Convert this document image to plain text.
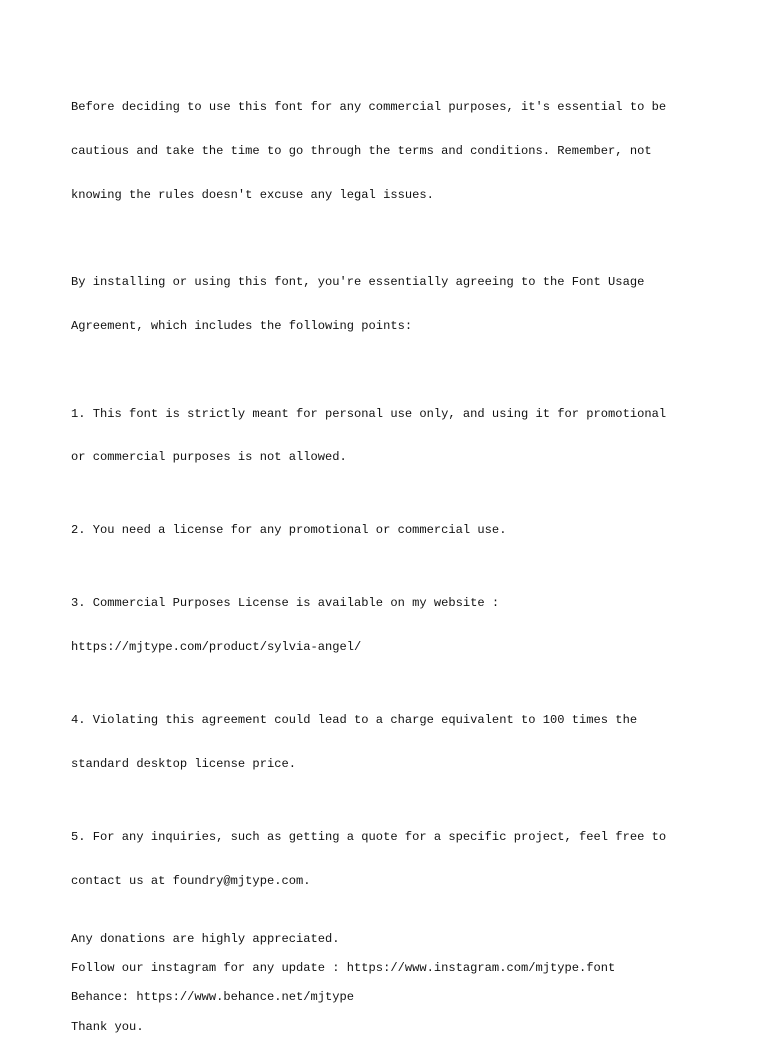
Before deciding to use this font for any commercial purposes, it's essential to be

cautious and take the time to go through the terms and conditions. Remember, not

knowing the rules doesn't excuse any legal issues.

By installing or using this font, you're essentially agreeing to the Font Usage

Agreement, which includes the following points:

1. This font is strictly meant for personal use only, and using it for promotional

or commercial purposes is not allowed.

2. You need a license for any promotional or commercial use.

3. Commercial Purposes License is available on my website :

https://mjtype.com/product/sylvia-angel/

4. Violating this agreement could lead to a charge equivalent to 100 times the

standard desktop license price.

5. For any inquiries, such as getting a quote for a specific project, feel free to

contact us at foundry@mjtype.com.

Any donations are highly appreciated.

Follow our instagram for any update : https://www.instagram.com/mjtype.font

Behance: https://www.behance.net/mjtype

Thank you.
